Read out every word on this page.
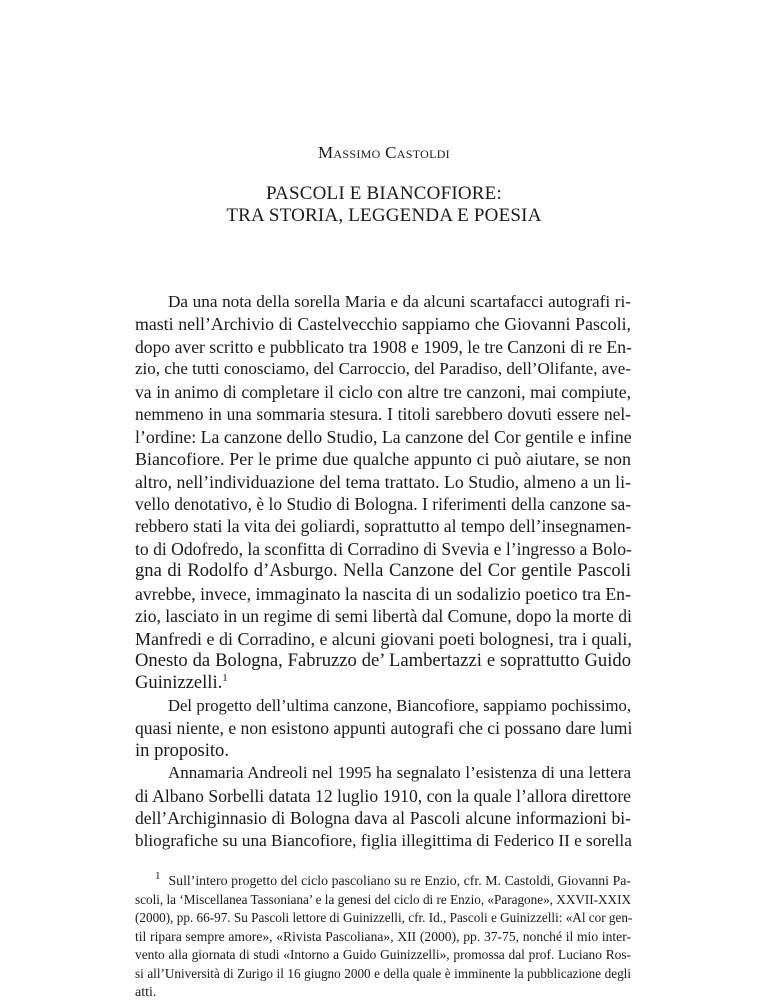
Massimo Castoldi
PASCOLI E BIANCOFIORE:
TRA STORIA, LEGGENDA E POESIA
Da una nota della sorella Maria e da alcuni scartafacci autografi ri-
masti nell’Archivio di Castelvecchio sappiamo che Giovanni Pascoli,
dopo aver scritto e pubblicato tra 1908 e 1909, le tre Canzoni di re En-
zio, che tutti conosciamo, del Carroccio, del Paradiso, dell’Olifante, ave-
va in animo di completare il ciclo con altre tre canzoni, mai compiute,
nemmeno in una sommaria stesura. I titoli sarebbero dovuti essere nel-
l’ordine: La canzone dello Studio, La canzone del Cor gentile e infine
Biancofiore. Per le prime due qualche appunto ci può aiutare, se non
altro, nell’individuazione del tema trattato. Lo Studio, almeno a un li-
vello denotativo, è lo Studio di Bologna. I riferimenti della canzone sa-
rebbero stati la vita dei goliardi, soprattutto al tempo dell’insegnamen-
to di Odofredo, la sconfitta di Corradino di Svevia e l’ingresso a Bolo-
gna di Rodolfo d’Asburgo. Nella Canzone del Cor gentile Pascoli
avrebbe, invece, immaginato la nascita di un sodalizio poetico tra En-
zio, lasciato in un regime di semi libertà dal Comune, dopo la morte di
Manfredi e di Corradino, e alcuni giovani poeti bolognesi, tra i quali,
Onesto da Bologna, Fabruzzo de’ Lambertazzi e soprattutto Guido
Guinizzelli.$^1$
Del progetto dell’ultima canzone, Biancofiore, sappiamo pochissimo,
quasi niente, e non esistono appunti autografi che ci possano dare lumi
in proposito.
Annamaria Andreoli nel 1995 ha segnalato l’esistenza di una lettera
di Albano Sorbelli datata 12 luglio 1910, con la quale l’allora direttore
dell’Archiginnasio di Bologna dava al Pascoli alcune informazioni bi-
bliografiche su una Biancofiore, figlia illegittima di Federico II e sorella
$^1$ Sull’intero progetto del ciclo pascoliano su re Enzio, cfr. M. Castoldi, Giovanni Pa-
scoli, la ‘Miscellanea Tassoniana’ e la genesi del ciclo di re Enzio, «Paragone», XXVII-XXIX
(2000), pp. 66-97. Su Pascoli lettore di Guinizzelli, cfr. Id., Pascoli e Guinizzelli: «Al cor gen-
til ripara sempre amore», «Rivista Pascoliana», XII (2000), pp. 37-75, nonché il mio inter-
vento alla giornata di studi «Intorno a Guido Guinizzelli», promossa dal prof. Luciano Ros-
si all’Università di Zurigo il 16 giugno 2000 e della quale è imminente la pubblicazione degli
atti.
